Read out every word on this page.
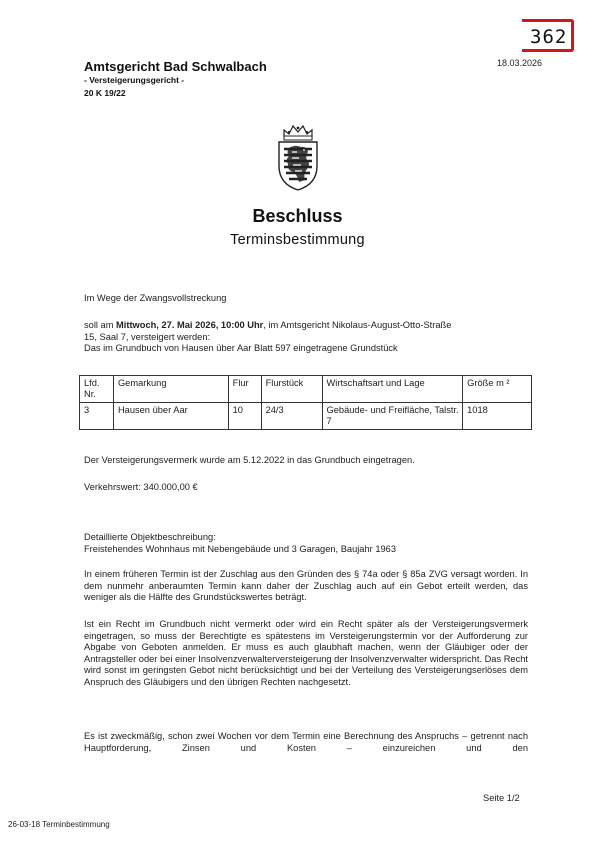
362
Amtsgericht Bad Schwalbach
- Versteigerungsgericht -
20 K 19/22
18.03.2026
Beschluss
Terminsbestimmung
Im Wege der Zwangsvollstreckung
soll am Mittwoch, 27. Mai 2026, 10:00 Uhr, im Amtsgericht Nikolaus-August-Otto-Straße
15, Saal 7, versteigert werden:
Das im Grundbuch von Hausen über Aar Blatt 597 eingetragene Grundstück
Lfd. Nr.	Gemarkung	Flur	Flurstück	Wirtschaftsart und Lage	Größe m ²
3	Hausen über Aar	10	24/3	Gebäude- und Freifläche, Talstr. 7	1018
Der Versteigerungsvermerk wurde am 5.12.2022 in das Grundbuch eingetragen.
Verkehrswert: 340.000,00 €
Detaillierte Objektbeschreibung:
Freistehendes Wohnhaus mit Nebengebäude und 3 Garagen, Baujahr 1963
In einem früheren Termin ist der Zuschlag aus den Gründen des § 74a oder § 85a ZVG versagt worden. In dem nunmehr anberaumten Termin kann daher der Zuschlag auch auf ein Gebot erteilt werden, das weniger als die Hälfte des Grundstückswertes beträgt.
Ist ein Recht im Grundbuch nicht vermerkt oder wird ein Recht später als der Versteigerungsvermerk eingetragen, so muss der Berechtigte es spätestens im Versteigerungstermin vor der Aufforderung zur Abgabe von Geboten anmelden. Er muss es auch glaubhaft machen, wenn der Gläubiger oder der Antragsteller oder bei einer Insolvenzverwalterversteigerung der Insolvenzverwalter widerspricht. Das Recht wird sonst im geringsten Gebot nicht berücksichtigt und bei der Verteilung des Versteigerungserlöses dem Anspruch des Gläubigers und den übrigen Rechten nachgesetzt.
Es ist zweckmäßig, schon zwei Wochen vor dem Termin eine Berechnung des Anspruchs – getrennt nach Hauptforderung, Zinsen und Kosten – einzureichen und den
Seite 1/2
26-03-18 Terminbestimmung
